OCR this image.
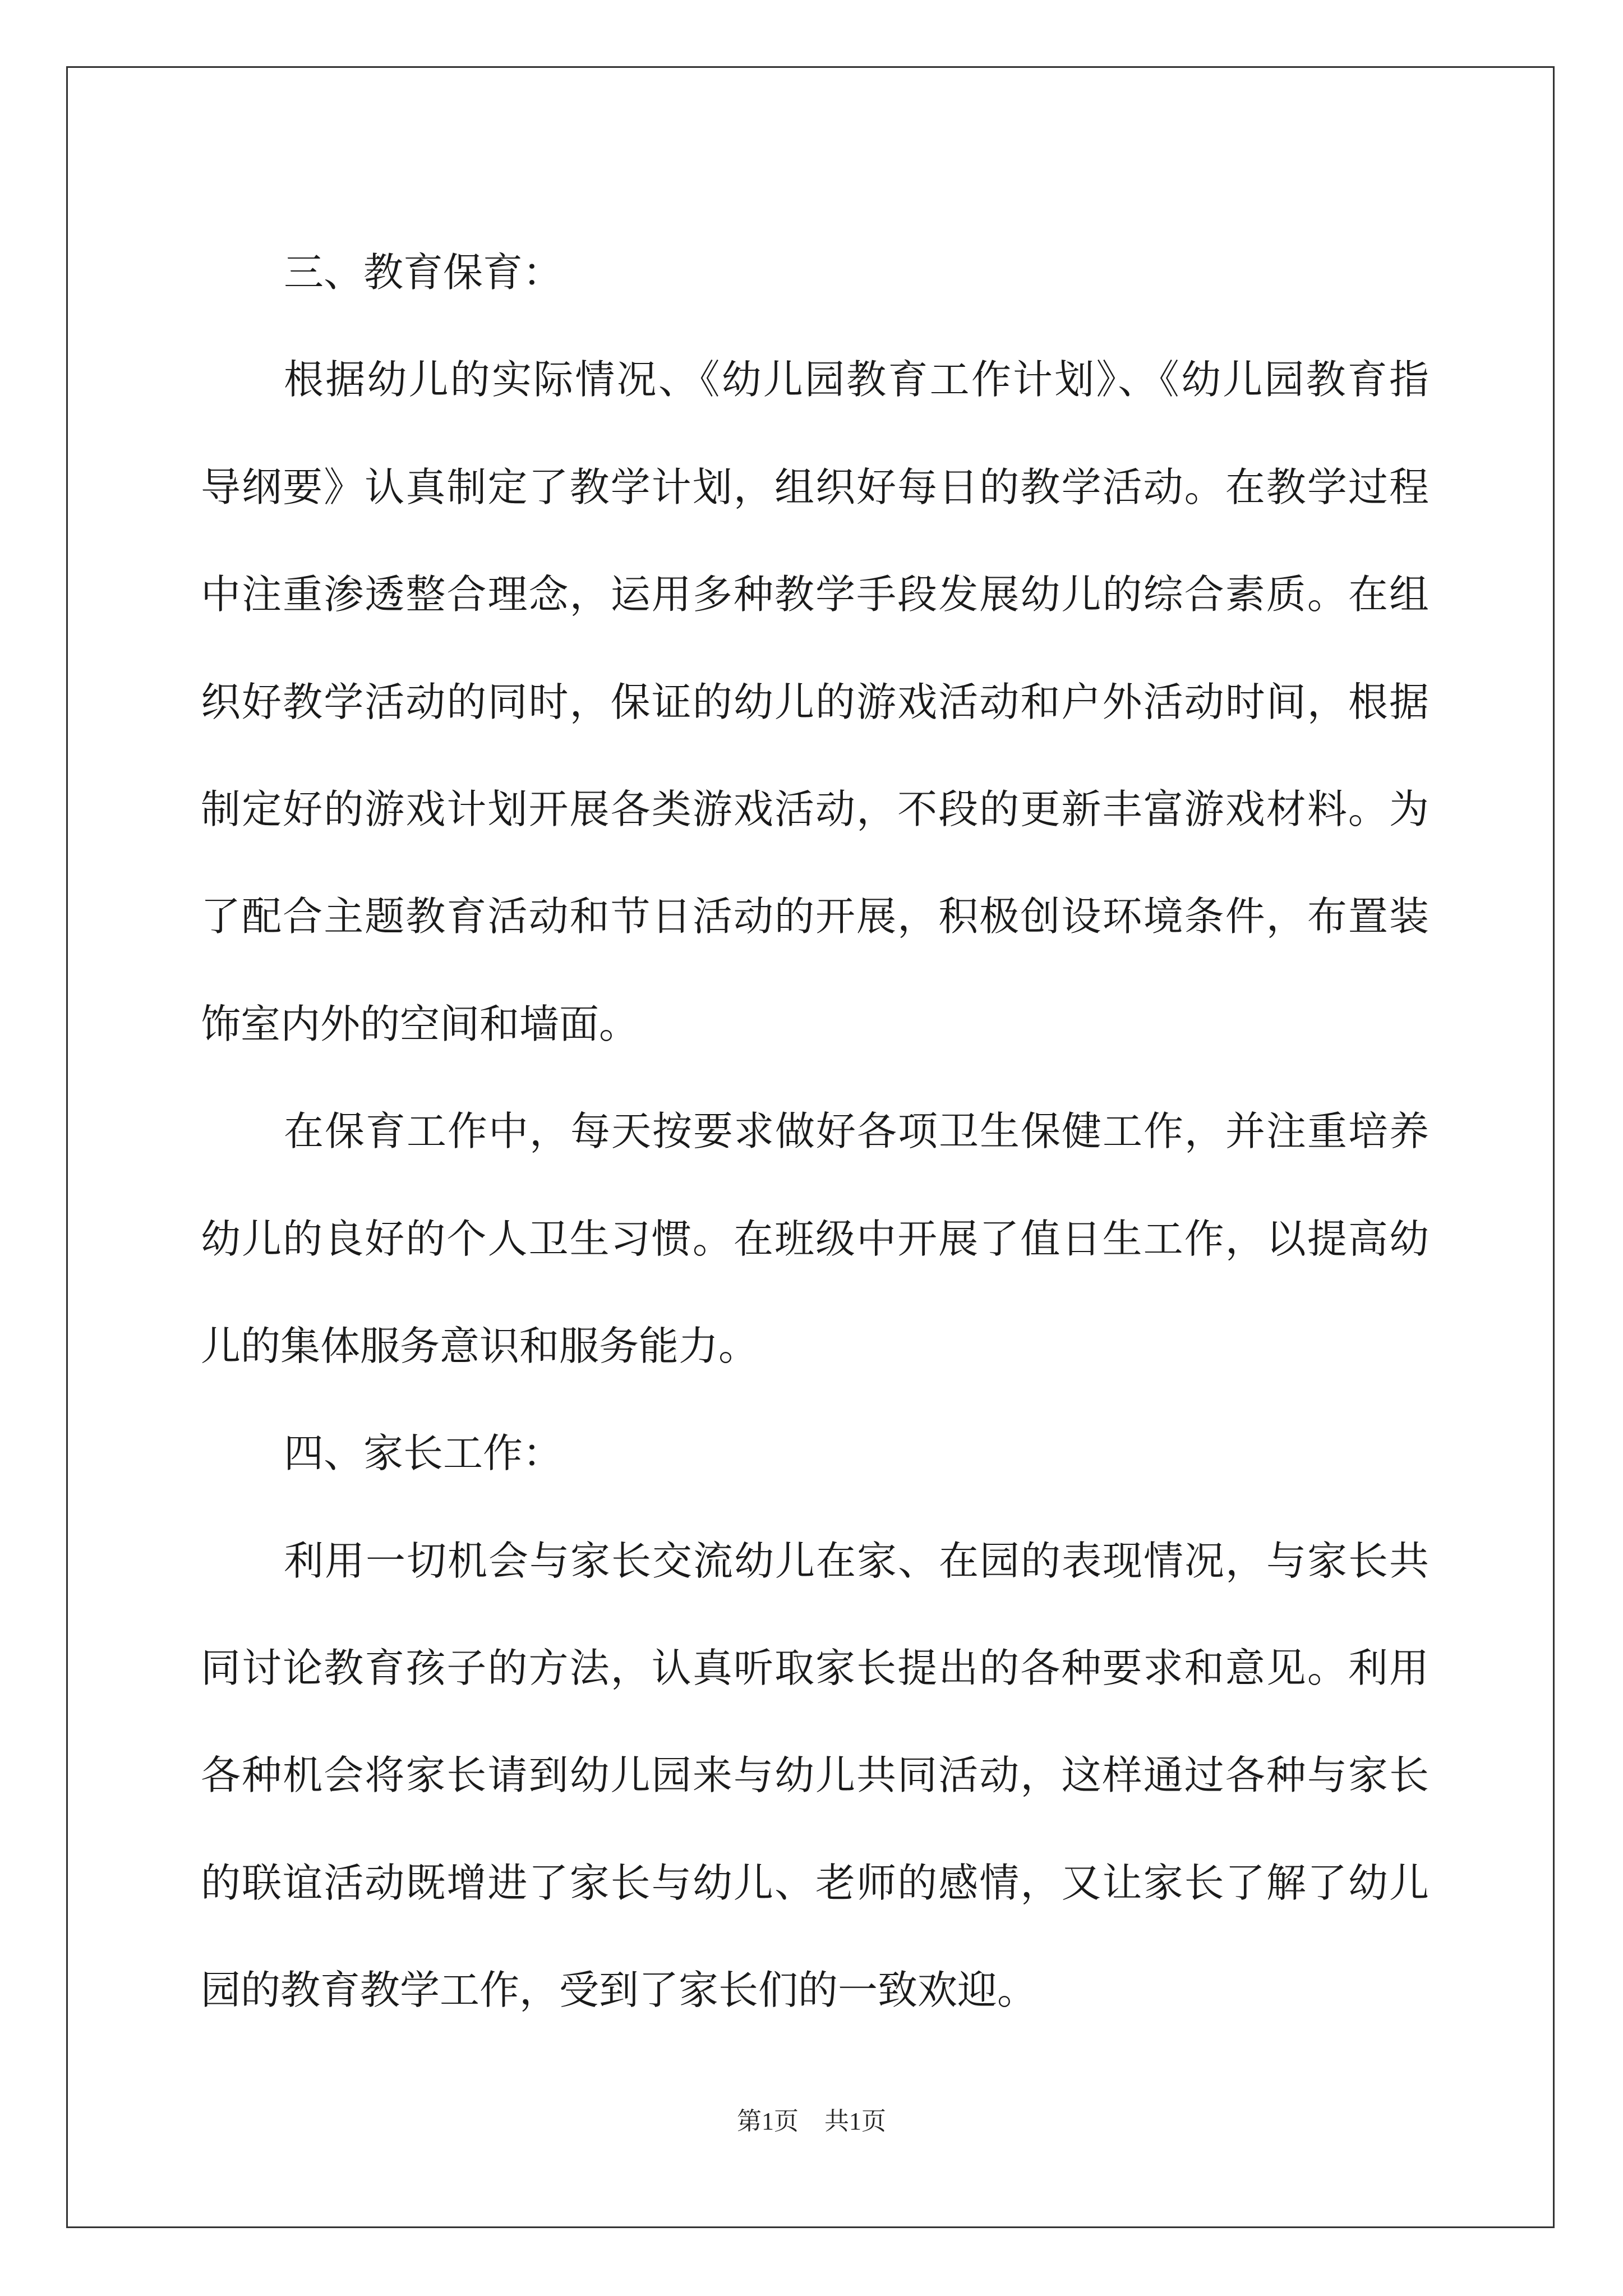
三、教育保育：
根据幼儿的实际情况、《幼儿园教育工作计划》、《幼儿园教育指
导纲要》认真制定了教学计划，组织好每日的教学活动。在教学过程
中注重渗透整合理念，运用多种教学手段发展幼儿的综合素质。在组
织好教学活动的同时，保证的幼儿的游戏活动和户外活动时间，根据
制定好的游戏计划开展各类游戏活动，不段的更新丰富游戏材料。为
了配合主题教育活动和节日活动的开展，积极创设环境条件，布置装
饰室内外的空间和墙面。
在保育工作中，每天按要求做好各项卫生保健工作，并注重培养
幼儿的良好的个人卫生习惯。在班级中开展了值日生工作，以提高幼
儿的集体服务意识和服务能力。
四、家长工作：
利用一切机会与家长交流幼儿在家、在园的表现情况，与家长共
同讨论教育孩子的方法，认真听取家长提出的各种要求和意见。利用
各种机会将家长请到幼儿园来与幼儿共同活动，这样通过各种与家长
的联谊活动既增进了家长与幼儿、老师的感情，又让家长了解了幼儿
园的教育教学工作，受到了家长们的一致欢迎。
第1页 共1页
